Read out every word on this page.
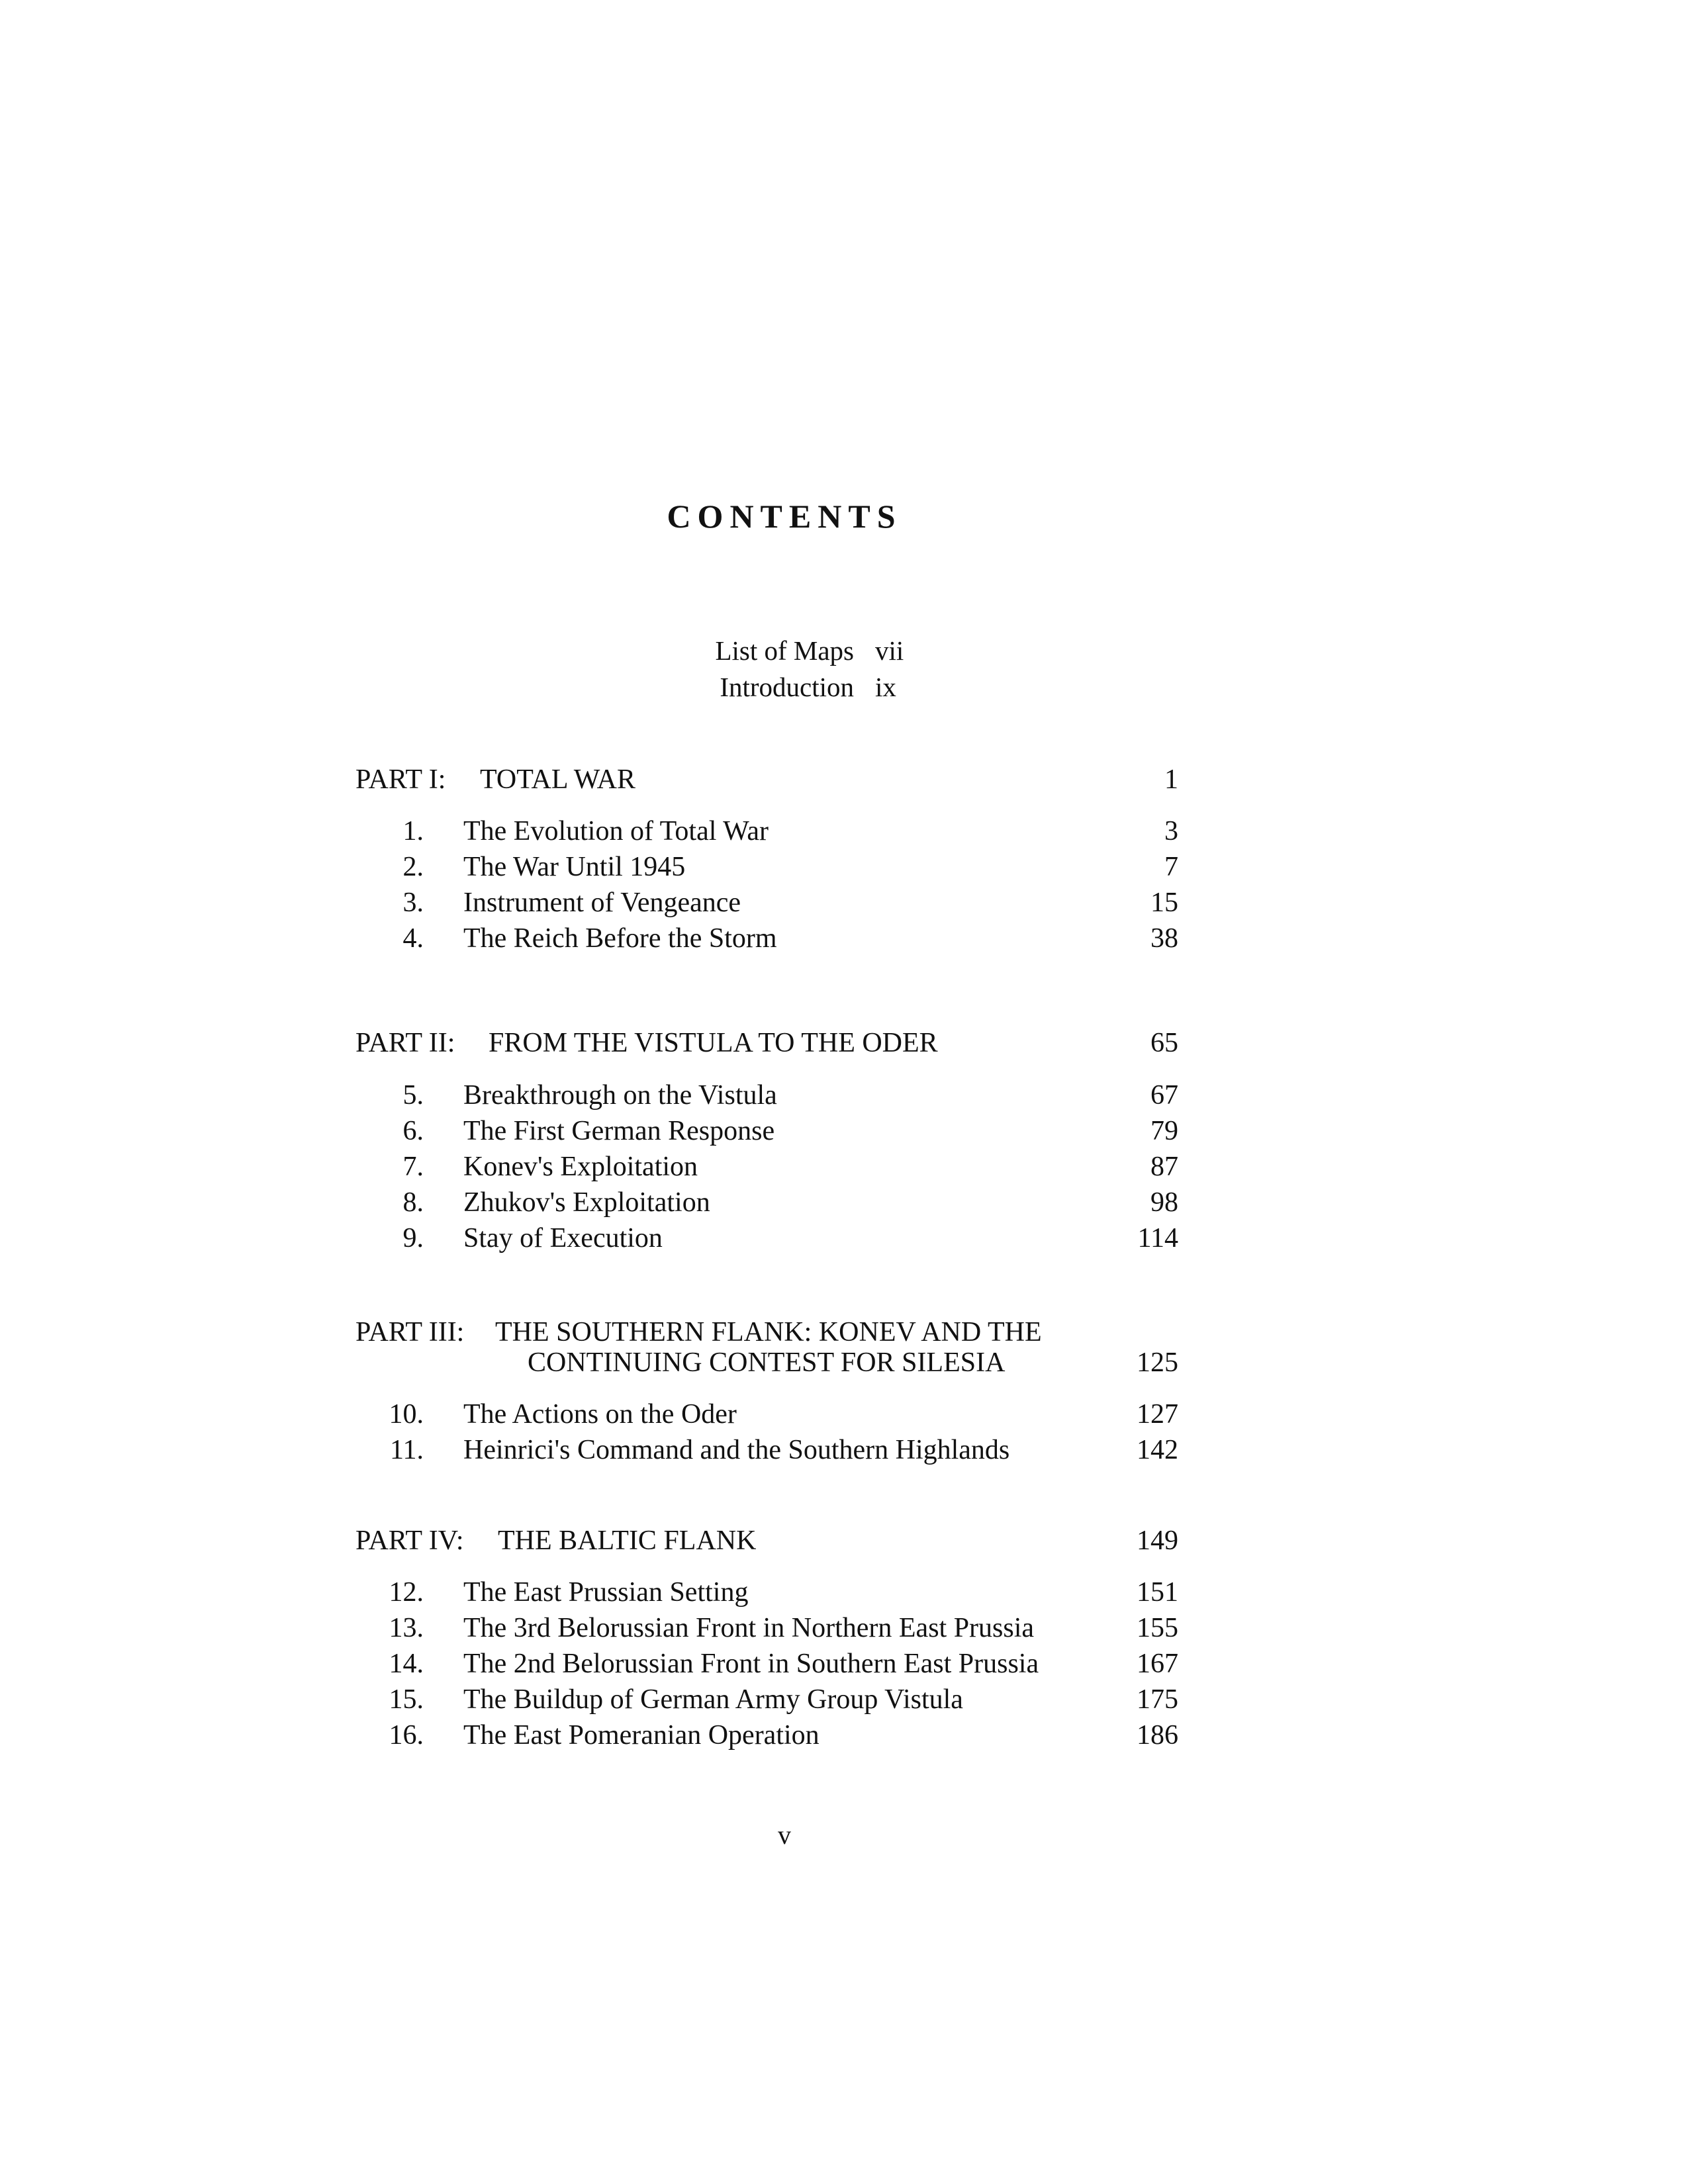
CONTENTS
List of Maps vii
Introduction ix
PART I: TOTAL WAR	1
1. The Evolution of Total War	3
2. The War Until 1945	7
3. Instrument of Vengeance	15
4. The Reich Before the Storm	38
PART II: FROM THE VISTULA TO THE ODER	65
5. Breakthrough on the Vistula	67
6. The First German Response	79
7. Konev's Exploitation	87
8. Zhukov's Exploitation	98
9. Stay of Execution	114
PART III: THE SOUTHERN FLANK: KONEV AND THE
CONTINUING CONTEST FOR SILESIA	125
10. The Actions on the Oder	127
11. Heinrici's Command and the Southern Highlands	142
PART IV: THE BALTIC FLANK	149
12. The East Prussian Setting	151
13. The 3rd Belorussian Front in Northern East Prussia	155
14. The 2nd Belorussian Front in Southern East Prussia	167
15. The Buildup of German Army Group Vistula	175
16. The East Pomeranian Operation	186
v
